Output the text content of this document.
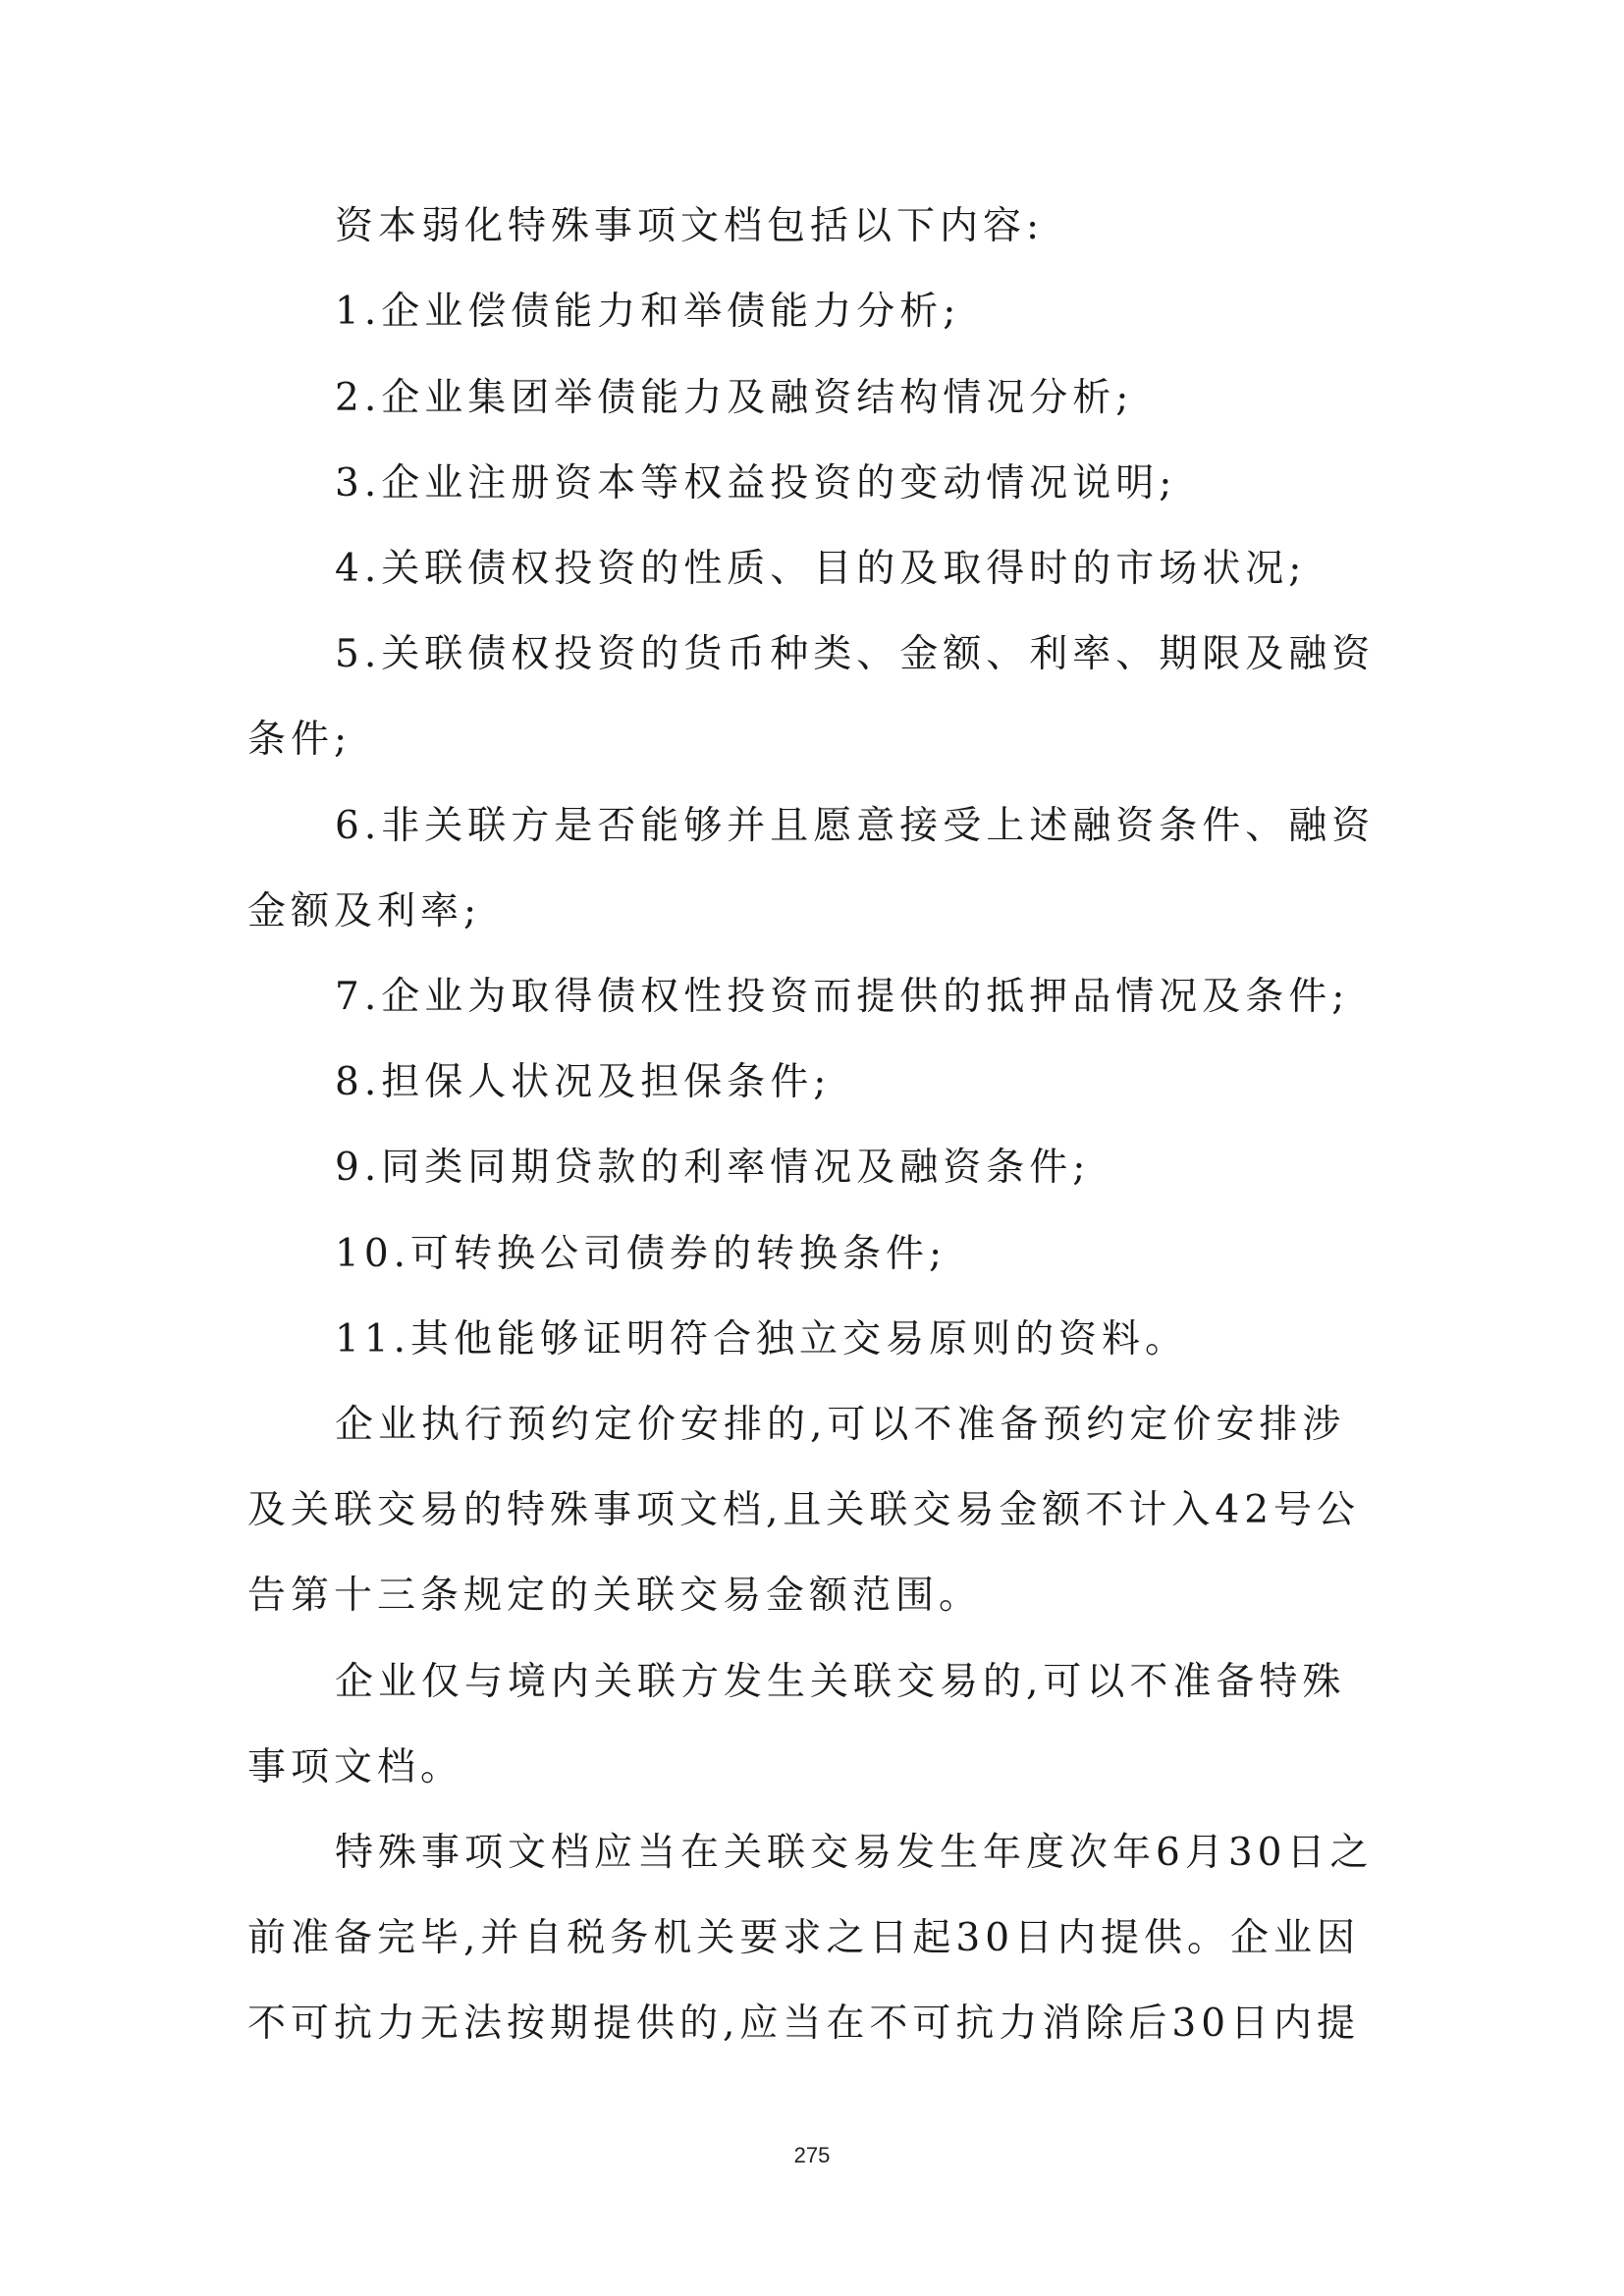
资本弱化特殊事项文档包括以下内容:

1.企业偿债能力和举债能力分析;

2.企业集团举债能力及融资结构情况分析;

3.企业注册资本等权益投资的变动情况说明;

4.关联债权投资的性质、目的及取得时的市场状况;

5.关联债权投资的货币种类、金额、利率、期限及融资

条件;

6.非关联方是否能够并且愿意接受上述融资条件、融资

金额及利率;

7.企业为取得债权性投资而提供的抵押品情况及条件;

8.担保人状况及担保条件;

9.同类同期贷款的利率情况及融资条件;

10.可转换公司债券的转换条件;

11.其他能够证明符合独立交易原则的资料。

企业执行预约定价安排的,可以不准备预约定价安排涉

及关联交易的特殊事项文档,且关联交易金额不计入42号公

告第十三条规定的关联交易金额范围。

企业仅与境内关联方发生关联交易的,可以不准备特殊

事项文档。

特殊事项文档应当在关联交易发生年度次年6月30日之

前准备完毕,并自税务机关要求之日起30日内提供。企业因

不可抗力无法按期提供的,应当在不可抗力消除后30日内提

275
